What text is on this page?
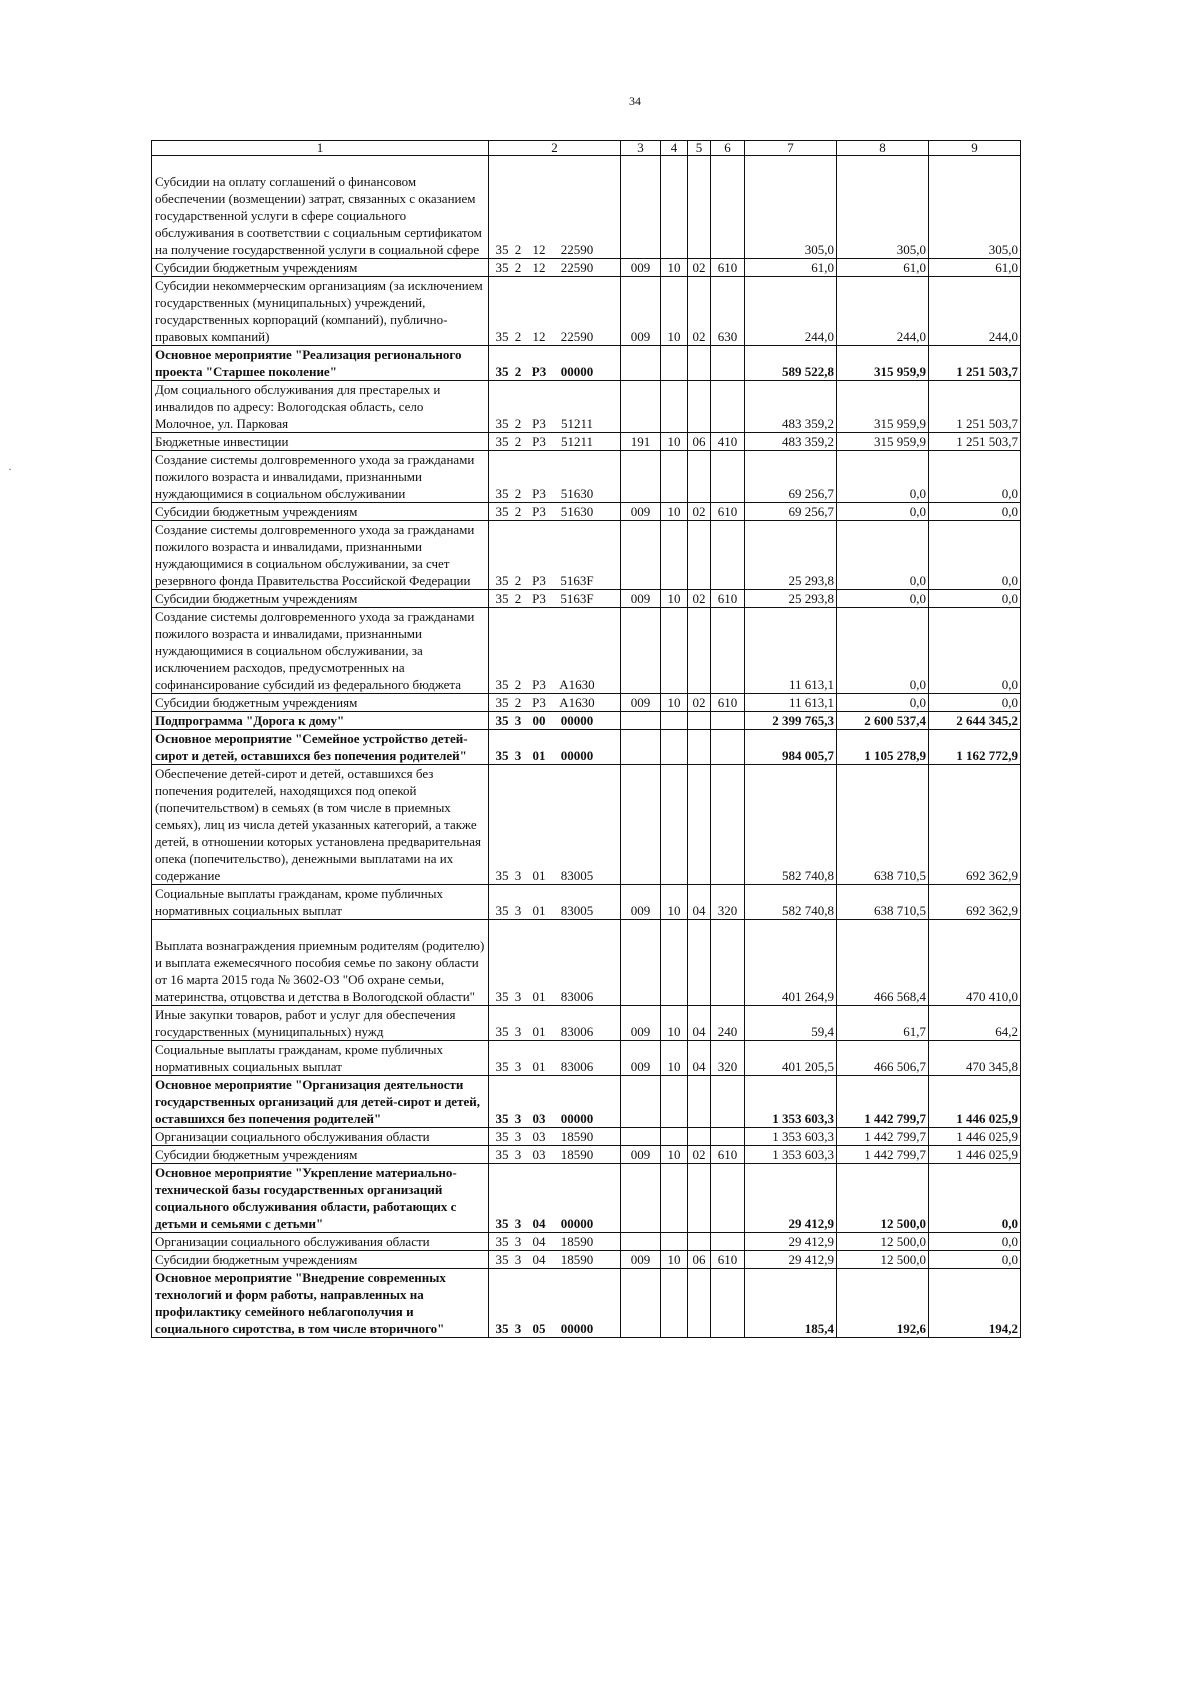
34
1	2	3	4	5	6	7	8	9
Субсидии на оплату соглашений о финансовом обеспечении (возмещении) затрат, связанных с оказанием государственной услуги в сфере социального обслуживания в соответствии с социальным сертификатом на получение государственной услуги в социальной сфере	35 2 12 22590					305,0	305,0	305,0
Субсидии бюджетным учреждениям	35 2 12 22590	009	10	02	610	61,0	61,0	61,0
Субсидии некоммерческим организациям (за исключением государственных (муниципальных) учреждений, государственных корпораций (компаний), публично-правовых компаний)	35 2 12 22590	009	10	02	630	244,0	244,0	244,0
Основное мероприятие "Реализация регионального проекта "Старшее поколение"	35 2 P3 00000					589 522,8	315 959,9	1 251 503,7
Дом социального обслуживания для престарелых и инвалидов по адресу: Вологодская область, село Молочное, ул. Парковая	35 2 P3 51211					483 359,2	315 959,9	1 251 503,7
Бюджетные инвестиции	35 2 P3 51211	191	10	06	410	483 359,2	315 959,9	1 251 503,7
Создание системы долговременного ухода за гражданами пожилого возраста и инвалидами, признанными нуждающимися в социальном обслуживании	35 2 P3 51630					69 256,7	0,0	0,0
Субсидии бюджетным учреждениям	35 2 P3 51630	009	10	02	610	69 256,7	0,0	0,0
Создание системы долговременного ухода за гражданами пожилого возраста и инвалидами, признанными нуждающимися в социальном обслуживании, за счет резервного фонда Правительства Российской Федерации	35 2 P3 5163F					25 293,8	0,0	0,0
Субсидии бюджетным учреждениям	35 2 P3 5163F	009	10	02	610	25 293,8	0,0	0,0
Создание системы долговременного ухода за гражданами пожилого возраста и инвалидами, признанными нуждающимися в социальном обслуживании, за исключением расходов, предусмотренных на софинансирование субсидий из федерального бюджета	35 2 P3 A1630					11 613,1	0,0	0,0
Субсидии бюджетным учреждениям	35 2 P3 A1630	009	10	02	610	11 613,1	0,0	0,0
Подпрограмма "Дорога к дому"	35 3 00 00000					2 399 765,3	2 600 537,4	2 644 345,2
Основное мероприятие "Семейное устройство детей-сирот и детей, оставшихся без попечения родителей"	35 3 01 00000					984 005,7	1 105 278,9	1 162 772,9
Обеспечение детей-сирот и детей, оставшихся без попечения родителей, находящихся под опекой (попечительством) в семьях (в том числе в приемных семьях), лиц из числа детей указанных категорий, а также детей, в отношении которых установлена предварительная опека (попечительство), денежными выплатами на их содержание	35 3 01 83005					582 740,8	638 710,5	692 362,9
Социальные выплаты гражданам, кроме публичных нормативных социальных выплат	35 3 01 83005	009	10	04	320	582 740,8	638 710,5	692 362,9
Выплата вознаграждения приемным родителям (родителю) и выплата ежемесячного пособия семье по закону области от 16 марта 2015 года № 3602-ОЗ "Об охране семьи, материнства, отцовства и детства в Вологодской области"	35 3 01 83006					401 264,9	466 568,4	470 410,0
Иные закупки товаров, работ и услуг для обеспечения государственных (муниципальных) нужд	35 3 01 83006	009	10	04	240	59,4	61,7	64,2
Социальные выплаты гражданам, кроме публичных нормативных социальных выплат	35 3 01 83006	009	10	04	320	401 205,5	466 506,7	470 345,8
Основное мероприятие "Организация деятельности государственных организаций для детей-сирот и детей, оставшихся без попечения родителей"	35 3 03 00000					1 353 603,3	1 442 799,7	1 446 025,9
Организации социального обслуживания области	35 3 03 18590					1 353 603,3	1 442 799,7	1 446 025,9
Субсидии бюджетным учреждениям	35 3 03 18590	009	10	02	610	1 353 603,3	1 442 799,7	1 446 025,9
Основное мероприятие "Укрепление материально-технической базы государственных организаций социального обслуживания области, работающих с детьми и семьями с детьми"	35 3 04 00000					29 412,9	12 500,0	0,0
Организации социального обслуживания области	35 3 04 18590					29 412,9	12 500,0	0,0
Субсидии бюджетным учреждениям	35 3 04 18590	009	10	06	610	29 412,9	12 500,0	0,0
Основное мероприятие "Внедрение современных технологий и форм работы, направленных на профилактику семейного неблагополучия и социального сиротства, в том числе вторичного"	35 3 05 00000					185,4	192,6	194,2
·
